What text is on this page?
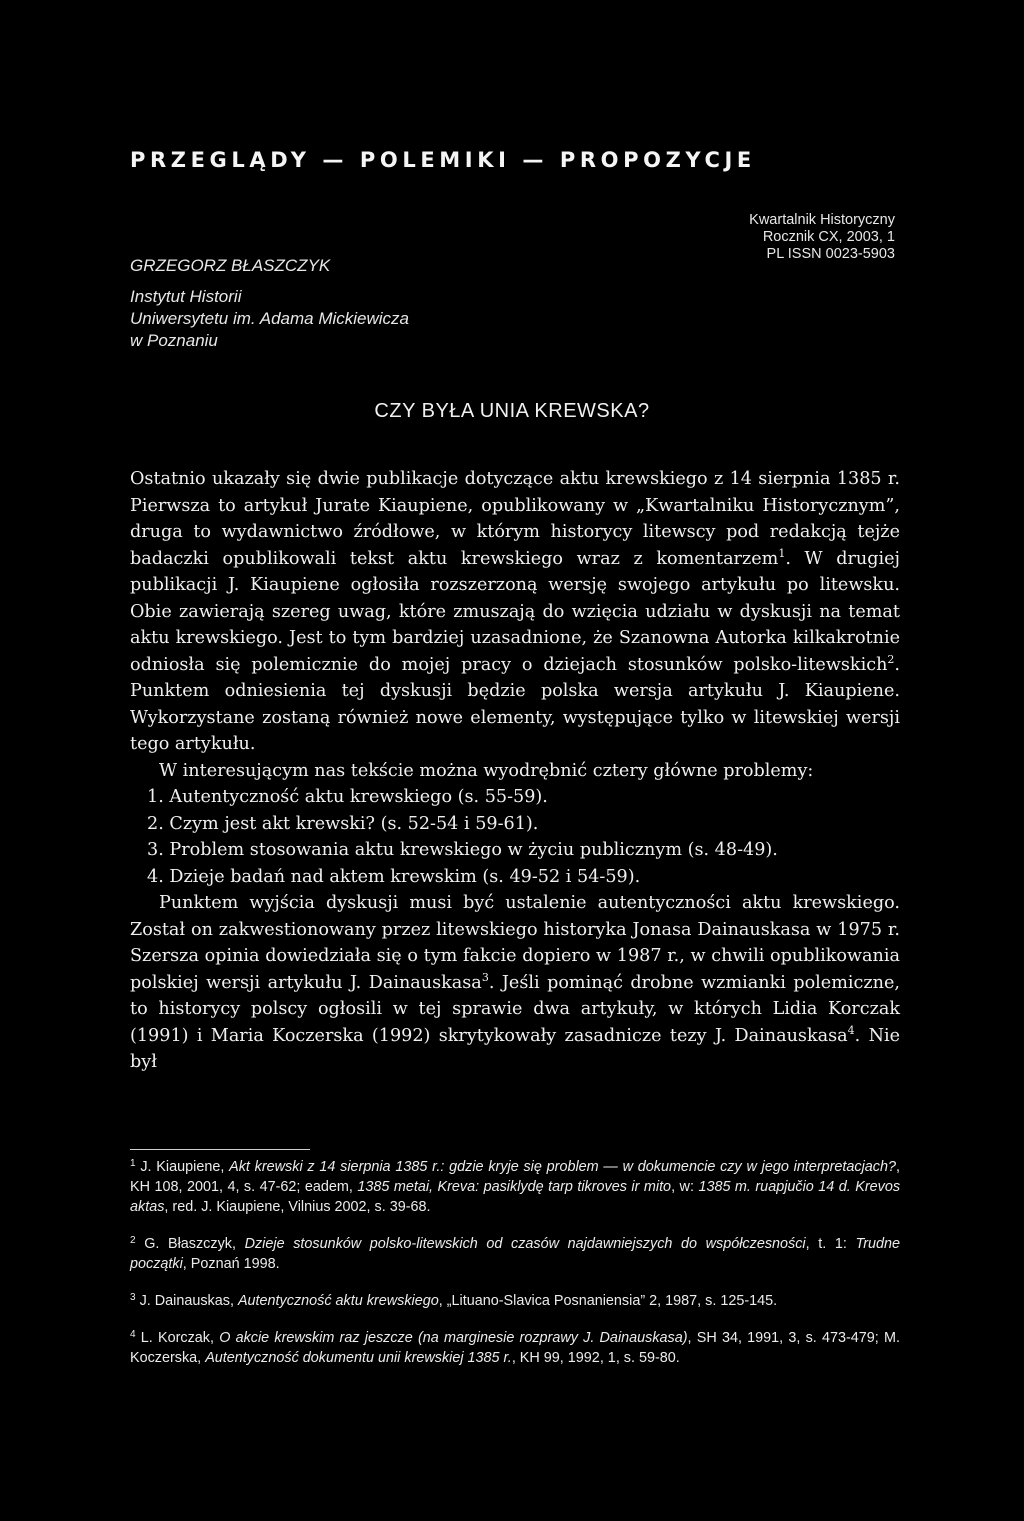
PRZEGLĄDY — POLEMIKI — PROPOZYCJE
Kwartalnik Historyczny
Rocznik CX, 2003, 1
PL ISSN 0023-5903
GRZEGORZ BŁASZCZYK
Instytut Historii
Uniwersytetu im. Adama Mickiewicza
w Poznaniu
CZY BYŁA UNIA KREWSKA?

Ostatnio ukazały się dwie publikacje dotyczące aktu krewskiego z 14 sierpnia 1385 r. Pierwsza to artykuł Jurate Kiaupiene, opublikowany w „Kwartalniku Historycznym”, druga to wydawnictwo źródłowe, w którym historycy litewscy pod redakcją tejże badaczki opublikowali tekst aktu krewskiego wraz z komentarzem$^1$. W drugiej publikacji J. Kiaupiene ogłosiła rozszerzoną wersję swojego artykułu po litewsku. Obie zawierają szereg uwag, które zmuszają do wzięcia udziału w dyskusji na temat aktu krewskiego. Jest to tym bardziej uzasadnione, że Szanowna Autorka kilkakrotnie odniosła się polemicznie do mojej pracy o dziejach stosunków polsko-litewskich$^2$. Punktem odniesienia tej dyskusji będzie polska wersja artykułu J. Kiaupiene. Wykorzystane zostaną również nowe elementy, występujące tylko w litewskiej wersji tego artykułu.

W interesującym nas tekście można wyodrębnić cztery główne problemy:

1. Autentyczność aktu krewskiego (s. 55-59).
2. Czym jest akt krewski? (s. 52-54 i 59-61).
3. Problem stosowania aktu krewskiego w życiu publicznym (s. 48-49).
4. Dzieje badań nad aktem krewskim (s. 49-52 i 54-59).

Punktem wyjścia dyskusji musi być ustalenie autentyczności aktu krewskiego. Został on zakwestionowany przez litewskiego historyka Jonasa Dainauskasa w 1975 r. Szersza opinia dowiedziała się o tym fakcie dopiero w 1987 r., w chwili opublikowania polskiej wersji artykułu J. Dainauskasa$^3$. Jeśli pominąć drobne wzmianki polemiczne, to historycy polscy ogłosili w tej sprawie dwa artykuły, w których Lidia Korczak (1991) i Maria Koczerska (1992) skrytykowały zasadnicze tezy J. Dainauskasa$^4$. Nie był

$^1$ J. Kiaupiene, Akt krewski z 14 sierpnia 1385 r.: gdzie kryje się problem — w dokumencie czy w jego interpretacjach?, KH 108, 2001, 4, s. 47-62; eadem, 1385 metai, Kreva: pasiklydę tarp tikroves ir mito, w: 1385 m. ruapjučio 14 d. Krevos aktas, red. J. Kiaupiene, Vilnius 2002, s. 39-68.
$^2$ G. Błaszczyk, Dzieje stosunków polsko-litewskich od czasów najdawniejszych do współczesności, t. 1: Trudne początki, Poznań 1998.
$^3$ J. Dainauskas, Autentyczność aktu krewskiego, „Lituano-Slavica Posnaniensia” 2, 1987, s. 125-145.
$^4$ L. Korczak, O akcie krewskim raz jeszcze (na marginesie rozprawy J. Dainauskasa), SH 34, 1991, 3, s. 473-479; M. Koczerska, Autentyczność dokumentu unii krewskiej 1385 r., KH 99, 1992, 1, s. 59-80.
